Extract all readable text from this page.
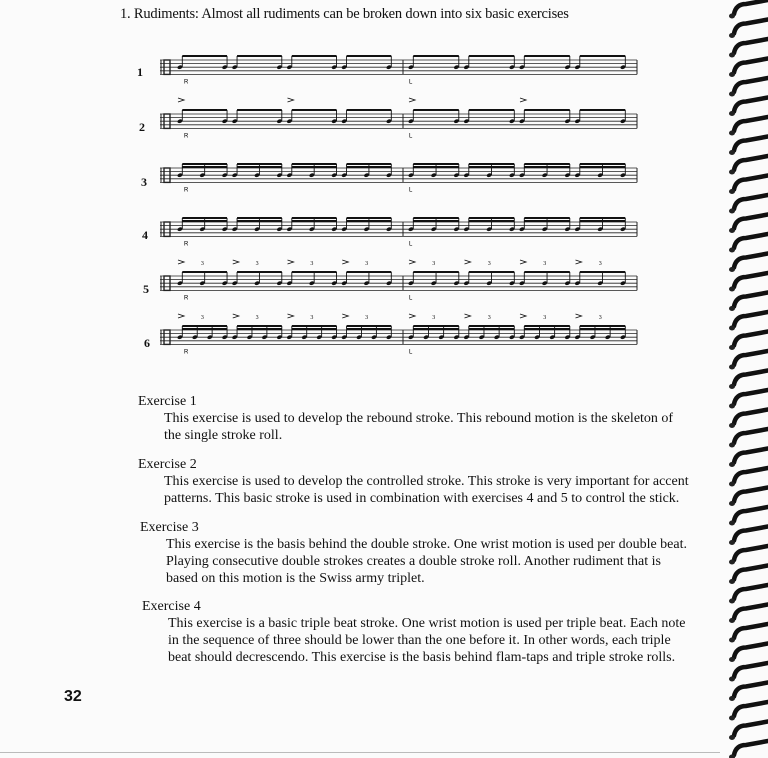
1. Rudiments: Almost all rudiments can be broken down into six basic exercises
1
2
3
4
5
6
R	L
R	L
R	L
R	L
3	3	3	3	3	3	3	3
R	L
3	3	3	3	3	3	3	3
R	L
Exercise 1
This exercise is used to develop the rebound stroke. This rebound motion is the skeleton of
the single stroke roll.
Exercise 2
This exercise is used to develop the controlled stroke. This stroke is very important for accent
patterns. This basic stroke is used in combination with exercises 4 and 5 to control the stick.
Exercise 3
This exercise is the basis behind the double stroke. One wrist motion is used per double beat.
Playing consecutive double strokes creates a double stroke roll. Another rudiment that is
based on this motion is the Swiss army triplet.
Exercise 4
This exercise is a basic triple beat stroke. One wrist motion is used per triple beat. Each note
in the sequence of three should be lower than the one before it. In other words, each triple
beat should decrescendo. This exercise is the basis behind flam-taps and triple stroke rolls.
32
